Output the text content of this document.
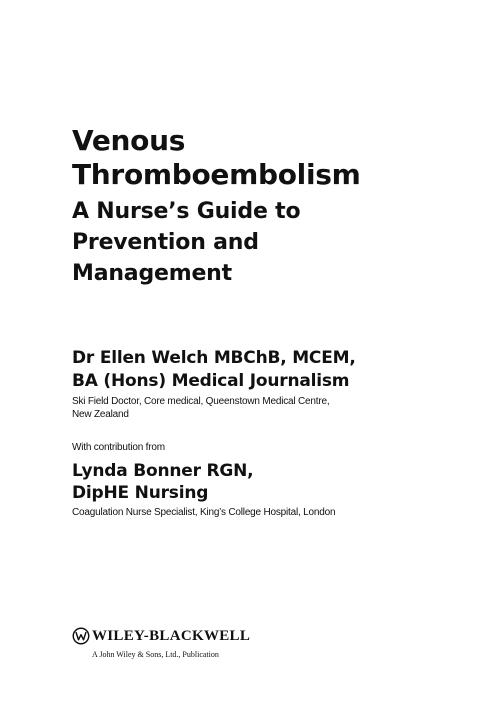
Venous
Thromboembolism
A Nurse’s Guide to
Prevention and
Management
Dr Ellen Welch MBChB, MCEM,
BA (Hons) Medical Journalism
Ski Field Doctor, Core medical, Queenstown Medical Centre,
New Zealand
With contribution from
Lynda Bonner RGN,
DipHE Nursing
Coagulation Nurse Specialist, King’s College Hospital, London
WILEY-BLACKWELL
A John Wiley & Sons, Ltd., Publication
